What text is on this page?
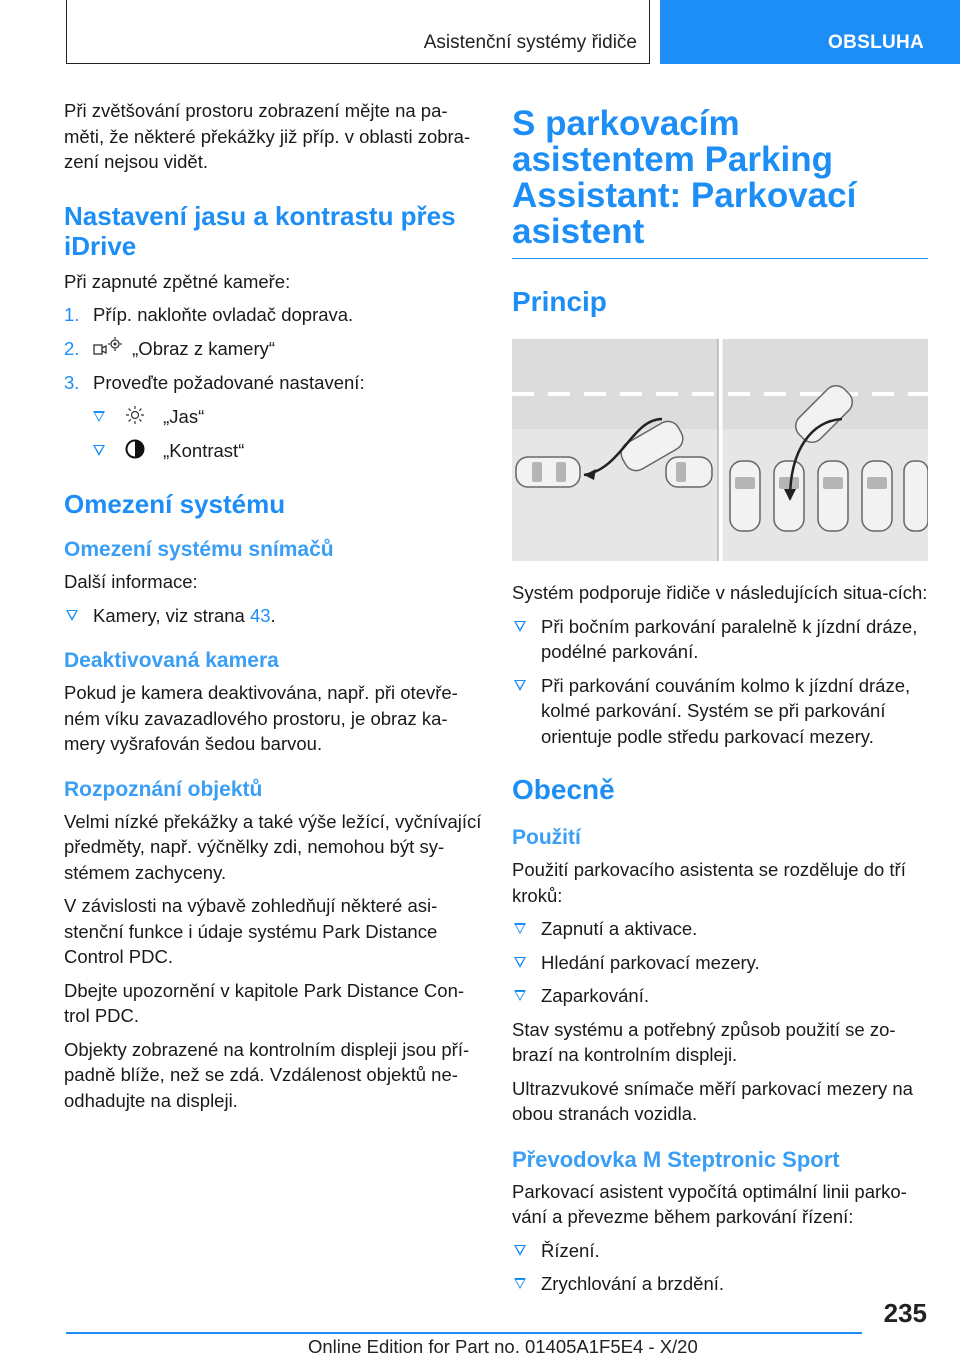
Asistenční systémy řidiče	OBSLUHA

Při zvětšování prostoru zobrazení mějte na pa-měti, že některé překážky již příp. v oblasti zobra-zení nejsou vidět.

Nastavení jasu a kontrastu přes iDrive

Při zapnuté zpětné kameře:

1. Příp. nakloňte ovladač doprava.
2.	„Obraz z kamery“
3. Proveďte požadované nastavení:
„Jas“
„Kontrast“
Omezení systému
Omezení systému snímačů

Další informace:

Kamery, viz strana 43.
Deaktivovaná kamera

Pokud je kamera deaktivována, např. při otevře-ném víku zavazadlového prostoru, je obraz ka-mery vyšrafován šedou barvou.

Rozpoznání objektů

Velmi nízké překážky a také výše ležící, vyčnívající předměty, např. výčnělky zdi, nemohou být sy-stémem zachyceny.

V závislosti na výbavě zohledňují některé asi-stenční funkce i údaje systému Park Distance Control PDC.

Dbejte upozornění v kapitole Park Distance Con-trol PDC.

Objekty zobrazené na kontrolním displeji jsou pří-padně blíže, než se zdá. Vzdálenost objektů ne-odhadujte na displeji.

S parkovacím asistentem Parking Assistant: Parkovací asistent
Princip

Systém podporuje řidiče v následujících situa-cích:

Při bočním parkování paralelně k jízdní dráze, podélné parkování.
Při parkování couváním kolmo k jízdní dráze, kolmé parkování. Systém se při parkování orientuje podle středu parkovací mezery.
Obecně
Použití

Použití parkovacího asistenta se rozděluje do tří kroků:

Zapnutí a aktivace.
Hledání parkovací mezery.
Zaparkování.

Stav systému a potřebný způsob použití se zo-brazí na kontrolním displeji.

Ultrazvukové snímače měří parkovací mezery na obou stranách vozidla.

Převodovka M Steptronic Sport

Parkovací asistent vypočítá optimální linii parko-vání a převezme během parkování řízení:

Řízení.
Zrychlování a brzdění.
235
Online Edition for Part no. 01405A1F5E4 - X/20
